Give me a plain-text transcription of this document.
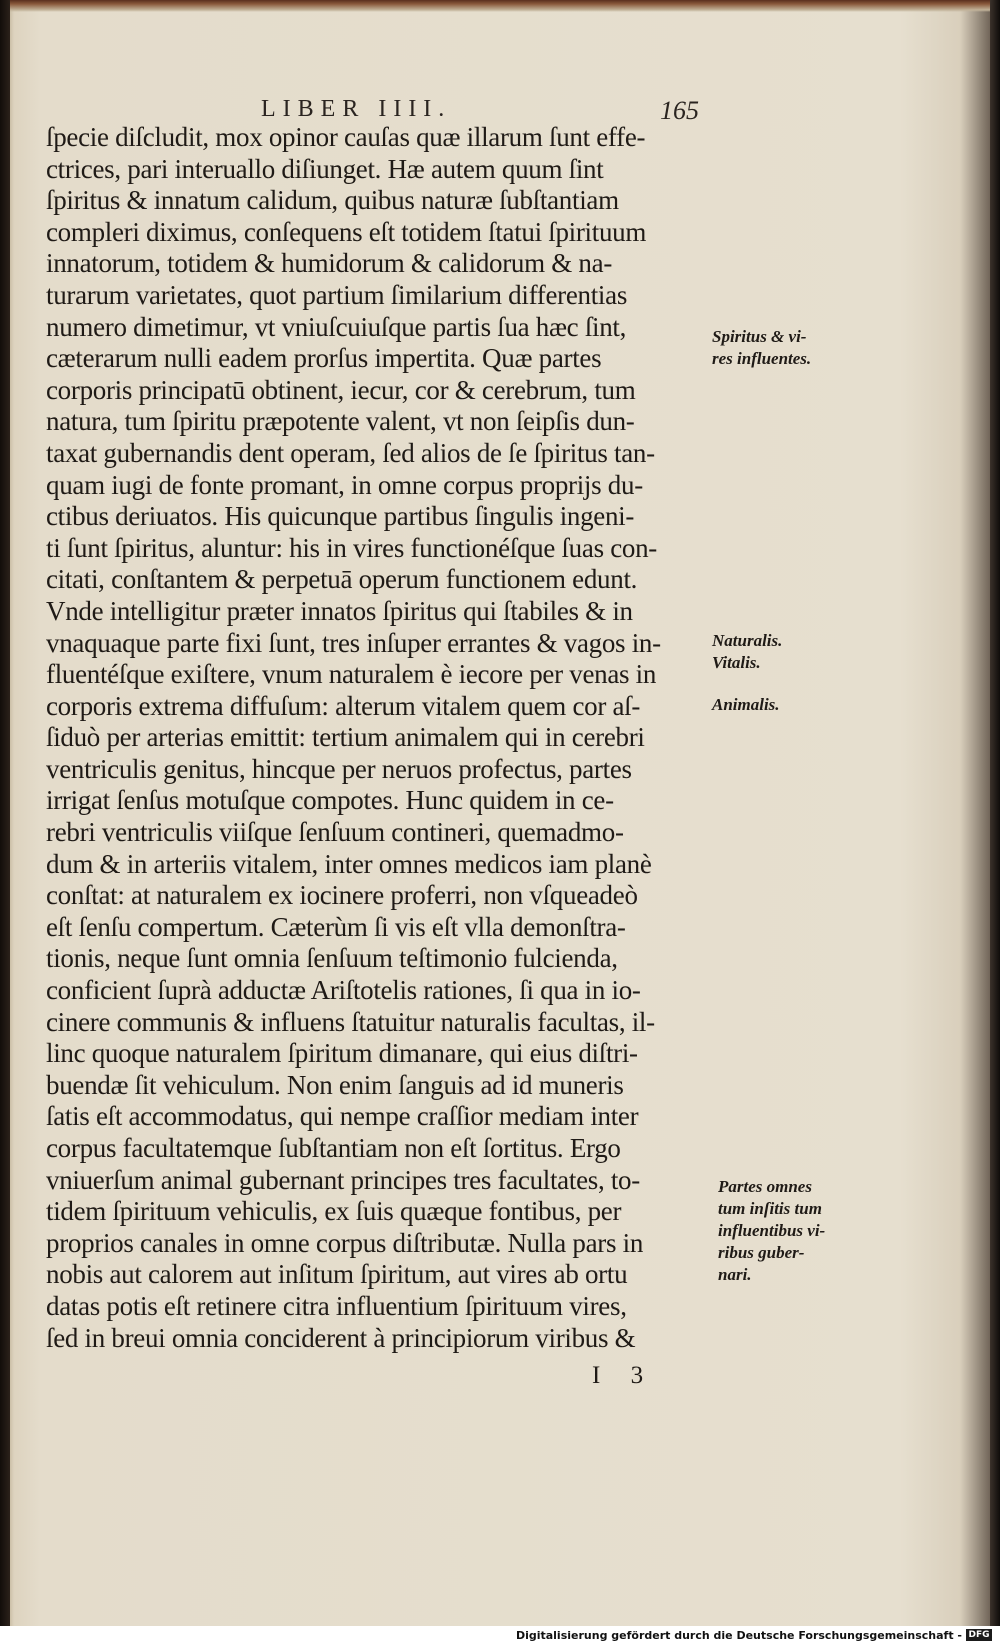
LIBER IIII.	165
ſpecie diſcludit, mox opinor cauſas quæ illarum ſunt effe-
ctrices, pari interuallo diſiunget. Hæ autem quum ſint
ſpiritus & innatum calidum, quibus naturæ ſubſtantiam
compleri diximus, conſequens eſt totidem ſtatui ſpirituum
innatorum, totidem & humidorum & calidorum & na-
turarum varietates, quot partium ſimilarium differentias
numero dimetimur, vt vniuſcuiuſque partis ſua hæc ſint,
cæterarum nulli eadem prorſus impertita. Quæ partes
corporis principatū obtinent, iecur, cor & cerebrum, tum
natura, tum ſpiritu præpotente valent, vt non ſeipſis dun-
taxat gubernandis dent operam, ſed alios de ſe ſpiritus tan-
quam iugi de fonte promant, in omne corpus proprijs du-
ctibus deriuatos. His quicunque partibus ſingulis ingeni-
ti ſunt ſpiritus, aluntur: his in vires functionéſque ſuas con-
citati, conſtantem & perpetuā operum functionem edunt.
Vnde intelligitur præter innatos ſpiritus qui ſtabiles & in
vnaquaque parte fixi ſunt, tres inſuper errantes & vagos in-
fluentéſque exiſtere, vnum naturalem è iecore per venas in
corporis extrema diffuſum: alterum vitalem quem cor aſ-
ſiduò per arterias emittit: tertium animalem qui in cerebri
ventriculis genitus, hincque per neruos profectus, partes
irrigat ſenſus motuſque compotes. Hunc quidem in ce-
rebri ventriculis viiſque ſenſuum contineri, quemadmo-
dum & in arteriis vitalem, inter omnes medicos iam planè
conſtat: at naturalem ex iocinere proferri, non vſqueadeò
eſt ſenſu compertum. Cæterùm ſi vis eſt vlla demonſtra-
tionis, neque ſunt omnia ſenſuum teſtimonio fulcienda,
conficient ſuprà adductæ Ariſtotelis rationes, ſi qua in io-
cinere communis & influens ſtatuitur naturalis facultas, il-
linc quoque naturalem ſpiritum dimanare, qui eius diſtri-
buendæ ſit vehiculum. Non enim ſanguis ad id muneris
ſatis eſt accommodatus, qui nempe craſſior mediam inter
corpus facultatemque ſubſtantiam non eſt ſortitus. Ergo
vniuerſum animal gubernant principes tres facultates, to-
tidem ſpirituum vehiculis, ex ſuis quæque fontibus, per
proprios canales in omne corpus diſtributæ. Nulla pars in
nobis aut calorem aut inſitum ſpiritum, aut vires ab ortu
datas potis eſt retinere citra influentium ſpirituum vires,
ſed in breui omnia conciderent à principiorum viribus &
Spiritus & vi-
res influentes.
Naturalis.
Vitalis.
Animalis.
Partes omnes
tum inſitis tum
influentibus vi-
ribus guber-
nari.
I 3
Digitalisierung gefördert durch die Deutsche Forschungsgemeinschaft - DFG
